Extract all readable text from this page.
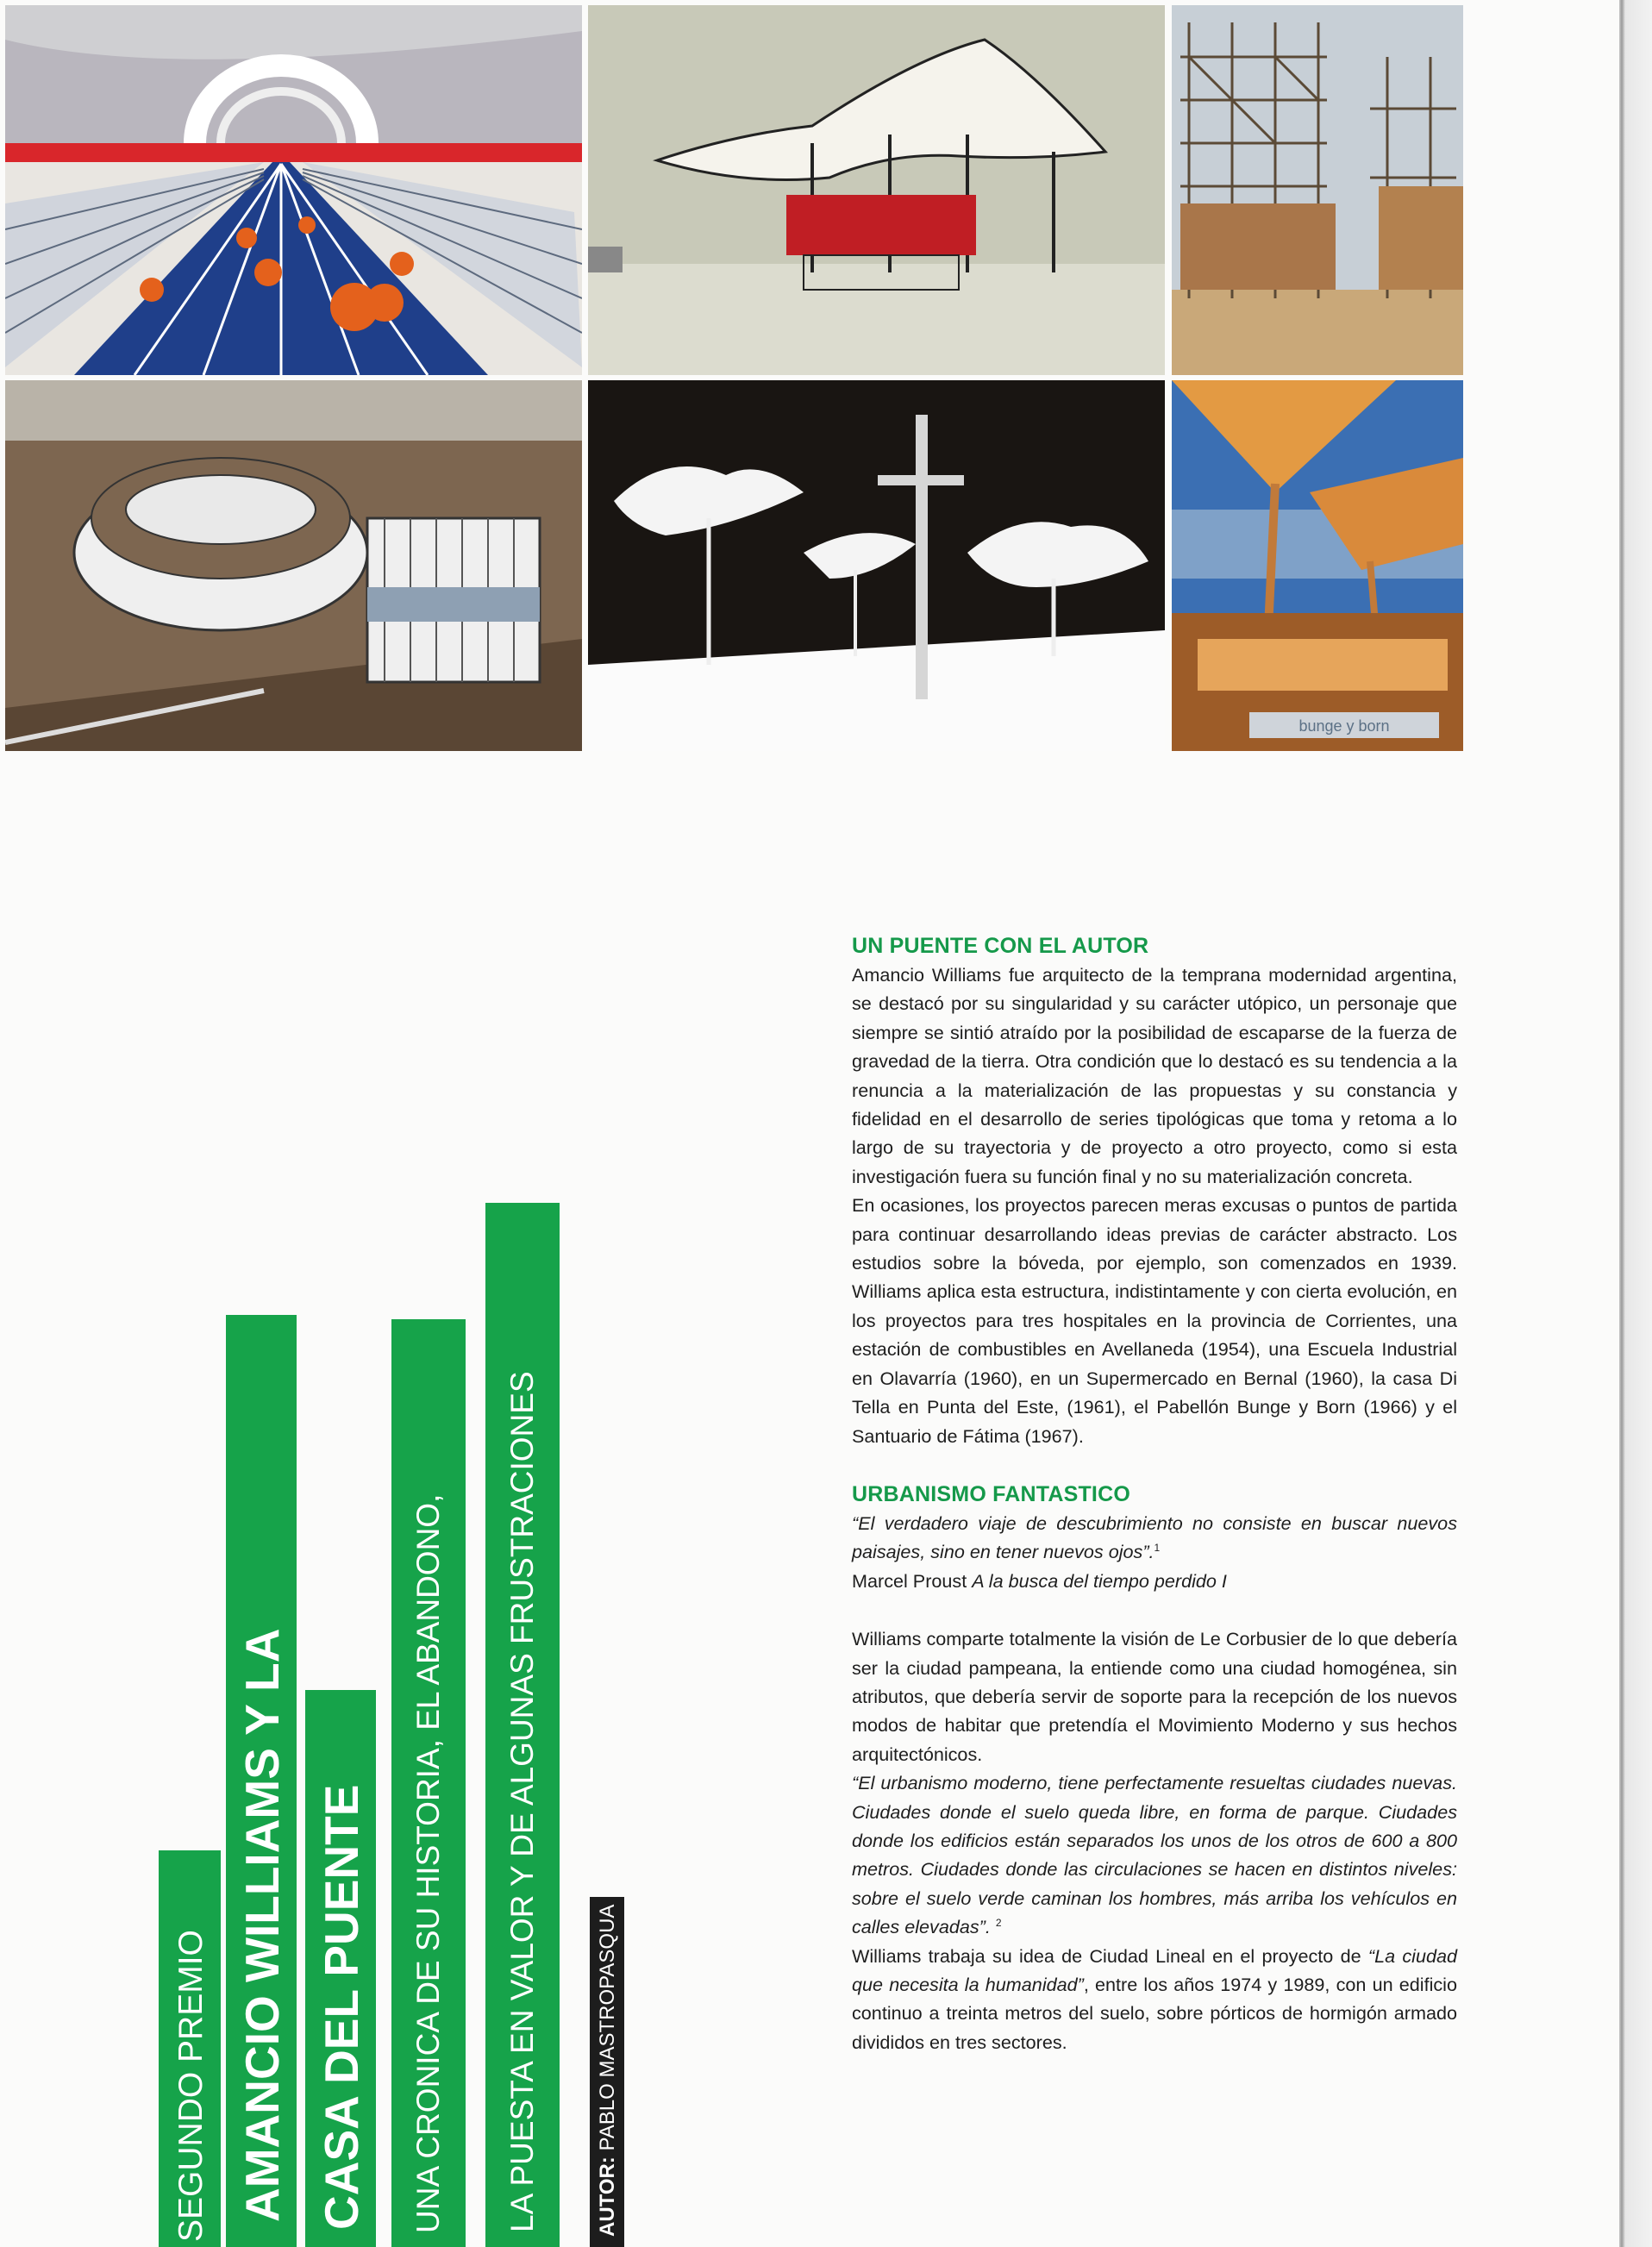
bunge y born
SEGUNDO PREMIO AMANCIO WILLIAMS Y LA CASA DEL PUENTE UNA CRONICA DE SU HISTORIA, EL ABANDONO, LA PUESTA EN VALOR Y DE ALGUNAS FRUSTRACIONES	AUTOR: PABLO MASTROPASQUA
UN PUENTE CON EL AUTOR

Amancio Williams fue arquitecto de la temprana modernidad argentina, se destacó por su singularidad y su carácter utópico, un personaje que siempre se sintió atraído por la posibilidad de escaparse de la fuerza de gravedad de la tierra. Otra condición que lo destacó es su tendencia a la renuncia a la materialización de las propuestas y su constancia y fidelidad en el desarrollo de series tipológicas que toma y retoma a lo largo de su trayectoria y de proyecto a otro proyecto, como si esta investigación fuera su función final y no su materialización concreta.

En ocasiones, los proyectos parecen meras excusas o puntos de partida para continuar desarrollando ideas previas de carácter abstracto. Los estudios sobre la bóveda, por ejemplo, son comenzados en 1939. Williams aplica esta estructura, indistintamente y con cierta evolución, en los proyectos para tres hospitales en la provincia de Corrientes, una estación de combustibles en Avellaneda (1954), una Escuela Industrial en Olavarría (1960), en un Supermercado en Bernal (1960), la casa Di Tella en Punta del Este, (1961), el Pabellón Bunge y Born (1966) y el Santuario de Fátima (1967).

URBANISMO FANTASTICO

“El verdadero viaje de descubrimiento no consiste en buscar nuevos paisajes, sino en tener nuevos ojos”.$^1$

Marcel Proust A la busca del tiempo perdido I

Williams comparte totalmente la visión de Le Corbusier de lo que debería ser la ciudad pampeana, la entiende como una ciudad homogénea, sin atributos, que debería servir de soporte para la recepción de los nuevos modos de habitar que pretendía el Movimiento Moderno y sus hechos arquitectónicos.

“El urbanismo moderno, tiene perfectamente resueltas ciudades nuevas. Ciudades donde el suelo queda libre, en forma de parque. Ciudades donde los edificios están separados los unos de los otros de 600 a 800 metros. Ciudades donde las circulaciones se hacen en distintos niveles: sobre el suelo verde caminan los hombres, más arriba los vehículos en calles elevadas”. $^2$

Williams trabaja su idea de Ciudad Lineal en el proyecto de “La ciudad que necesita la humanidad”, entre los años 1974 y 1989, con un edificio continuo a treinta metros del suelo, sobre pórticos de hormigón armado divididos en tres sectores.
